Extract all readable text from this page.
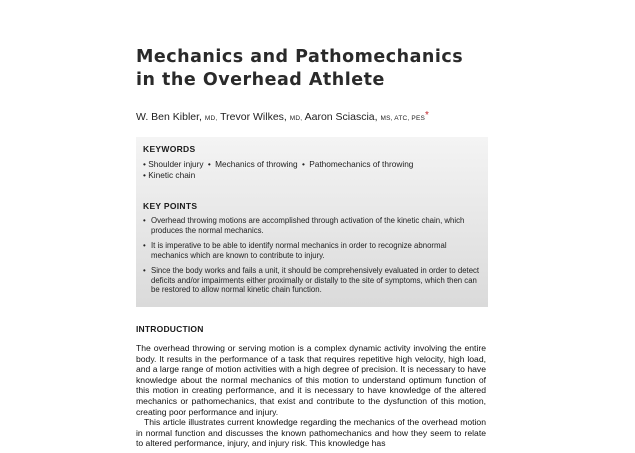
Mechanics and Pathomechanics
in the Overhead Athlete
W. Ben Kibler, MD, Trevor Wilkes, MD, Aaron Sciascia, MS, ATC, PES*
KEYWORDS
• Shoulder injury • Mechanics of throwing • Pathomechanics of throwing
• Kinetic chain
KEY POINTS
• Overhead throwing motions are accomplished through activation of the kinetic chain, which produces the normal mechanics.
• It is imperative to be able to identify normal mechanics in order to recognize abnormal mechanics which are known to contribute to injury.
• Since the body works and fails a unit, it should be comprehensively evaluated in order to detect deficits and/or impairments either proximally or distally to the site of symptoms, which then can be restored to allow normal kinetic chain function.
INTRODUCTION

The overhead throwing or serving motion is a complex dynamic activity involving the entire body. It results in the performance of a task that requires repetitive high velocity, high load, and a large range of motion activities with a high degree of precision. It is necessary to have knowledge about the normal mechanics of this motion to understand optimum function of this motion in creating performance, and it is necessary to have knowledge of the altered mechanics or pathomechanics, that exist and contribute to the dysfunction of this motion, creating poor performance and injury.

This article illustrates current knowledge regarding the mechanics of the overhead motion in normal function and discusses the known pathomechanics and how they seem to relate to altered performance, injury, and injury risk. This knowledge has
